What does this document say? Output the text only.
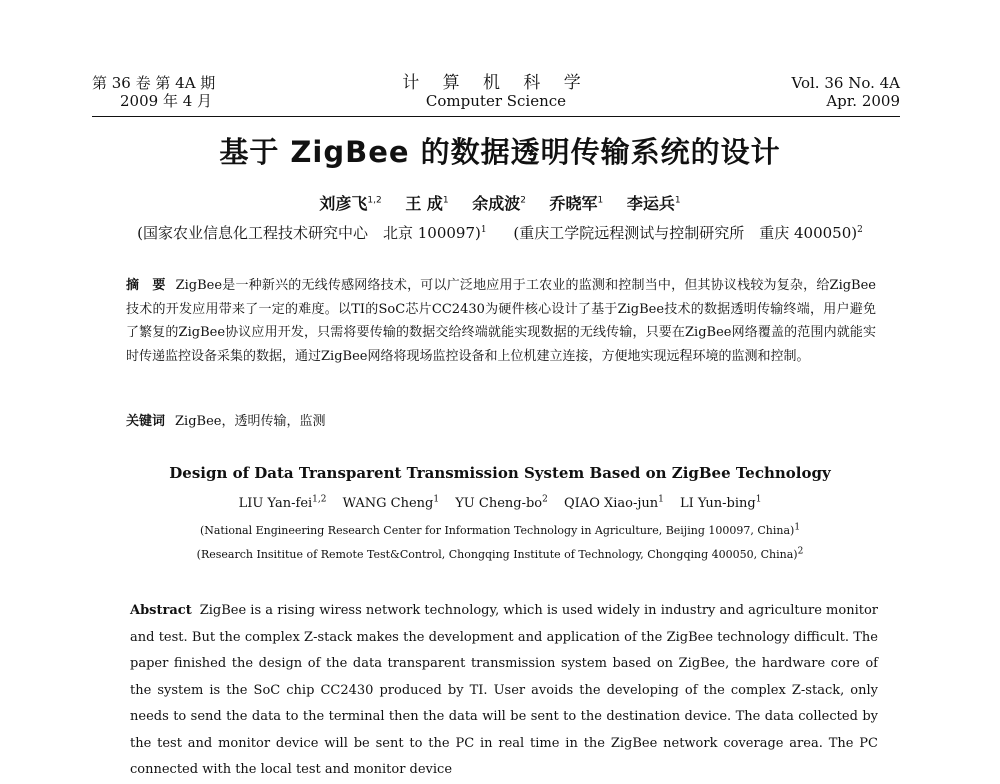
第 36 卷 第 4A 期
2009 年 4 月
计 算 机 科 学
Computer Science
Vol. 36 No. 4A
Apr. 2009
基于 ZigBee 的数据透明传输系统的设计
刘彦飞$^{1,2}$ 王 成$^1$ 余成波$^2$ 乔晓军$^1$ 李运兵$^1$
(国家农业信息化工程技术研究中心　北京 100097)$^1$ (重庆工学院远程测试与控制研究所　重庆 400050)$^2$
摘　要 ZigBee是一种新兴的无线传感网络技术，可以广泛地应用于工农业的监测和控制当中，但其协议栈较为复杂，给ZigBee技术的开发应用带来了一定的难度。以TI的SoC芯片CC2430为硬件核心设计了基于ZigBee技术的数据透明传输终端，用户避免了繁复的ZigBee协议应用开发，只需将要传输的数据交给终端就能实现数据的无线传输，只要在ZigBee网络覆盖的范围内就能实时传递监控设备采集的数据，通过ZigBee网络将现场监控设备和上位机建立连接，方便地实现远程环境的监测和控制。
关键词 ZigBee，透明传输，监测
Design of Data Transparent Transmission System Based on ZigBee Technology
LIU Yan-fei$^{1,2}$ WANG Cheng$^1$ YU Cheng-$bo^2$ QIAO Xiao-jun$^1$ LI Yun-bing$^1$
(National Engineering Research Center for Information Technology in Agriculture, Beijing 100097, China)$^1$
(Research Insititue of Remote Test&Control, Chongqing Institute of Technology, Chongqing 400050, China)$^2$
Abstract ZigBee is a rising wiress network technology, which is used widely in industry and agriculture monitor and test. But the complex Z-stack makes the development and application of the ZigBee technology difficult. The paper finished the design of the data transparent transmission system based on ZigBee, the hardware core of the system is the SoC chip CC2430 produced by TI. User avoids the developing of the complex Z-stack, only needs to send the data to the terminal then the data will be sent to the destination device. The data collected by the test and monitor device will be sent to the PC in real time in the ZigBee network coverage area. The PC connected with the local test and monitor device
